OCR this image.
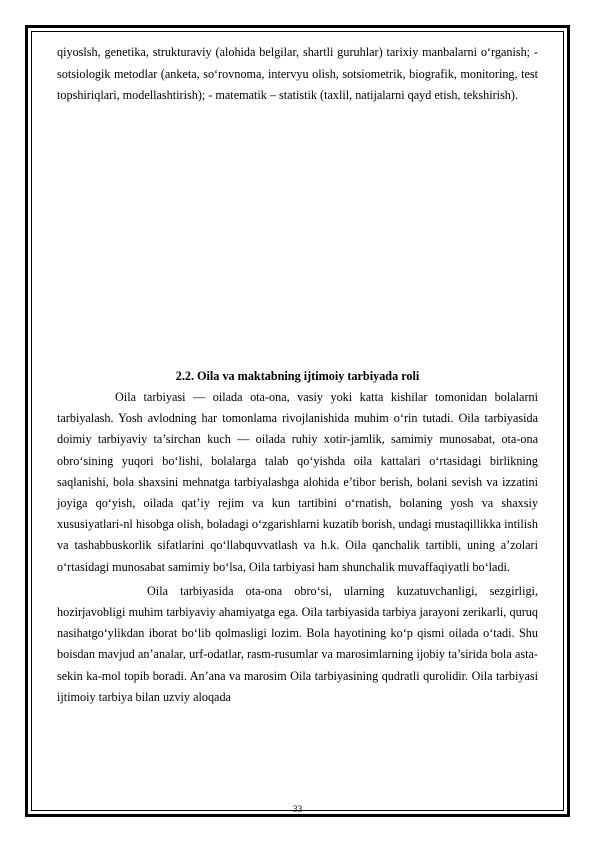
qiyoslsh, genetika, strukturaviy (alohida belgilar, shartli guruhlar) tarixiy manbalarni o‘rganish; - sotsiologik metodlar (anketa, so‘rovnoma, intervyu olish, sotsiometrik, biografik, monitoring, test topshiriqlari, modellashtirish); - matematik – statistik (taxlil, natijalarni qayd etish, tekshirish).

2.2. Oila va maktabning ijtimoiy tarbiyada roli

Oila tarbiyasi — oilada ota-ona, vasiy yoki katta kishilar tomonidan bolalarni tarbiyalash. Yosh avlodning har tomonlama rivojlanishida muhim o‘rin tutadi. Oila tarbiyasida doimiy tarbiyaviy ta’sirchan kuch — oilada ruhiy xotir-jamlik, samimiy munosabat, ota-ona obro‘sining yuqori bo‘lishi, bolalarga talab qo‘yishda oila kattalari o‘rtasidagi birlikning saqlanishi, bola shaxsini mehnatga tarbiyalashga alohida e’tibor berish, bolani sevish va izzatini joyiga qo‘yish, oilada qat’iy rejim va kun tartibini o‘rnatish, bolaning yosh va shaxsiy xususiyatlari-nl hisobga olish, boladagi o‘zgarishlarni kuzatib borish, undagi mustaqillikka intilish va tashabbuskorlik sifatlarini qo‘llabquvvatlash va h.k. Oila qanchalik tartibli, uning a’zolari o‘rtasidagi munosabat samimiy bo‘lsa, Oila tarbiyasi ham shunchalik muvaffaqiyatli bo‘ladi.

Oila tarbiyasida ota-ona obro‘si, ularning kuzatuvchanligi, sezgirligi, hozirjavobligi muhim tarbiyaviy ahamiyatga ega. Oila tarbiyasida tarbiya jarayoni zerikarli, quruq nasihatgo‘ylikdan iborat bo‘lib qolmasligi lozim. Bola hayotining ko‘p qismi oilada o‘tadi. Shu boisdan mavjud an’analar, urf-odatlar, rasm-rusumlar va marosimlarning ijobiy ta’sirida bola asta-sekin ka-mol topib boradi. An’ana va marosim Oila tarbiyasining qudratli qurolidir. Oila tarbiyasi ijtimoiy tarbiya bilan uzviy aloqada

33
